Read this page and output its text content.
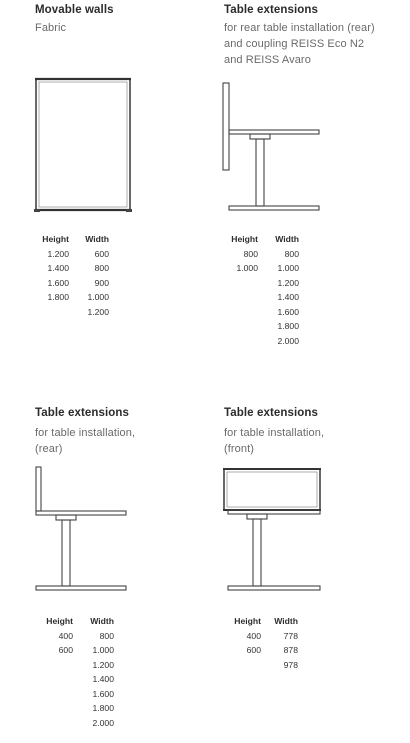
Movable walls
Fabric
Height
1.200
1.400
1.600
1.800
Width
600
800
900
1.000
1.200
Table extensions
for rear table installation (rear)
and coupling REISS Eco N2
and REISS Avaro
Height
800
1.000
Width
800
1.000
1.200
1.400
1.600
1.800
2.000
Table extensions
for table installation,
(rear)
Height
400
600
Width
800
1.000
1.200
1.400
1.600
1.800
2.000
Table extensions
for table installation,
(front)
Height
400
600
Width
778
878
978
